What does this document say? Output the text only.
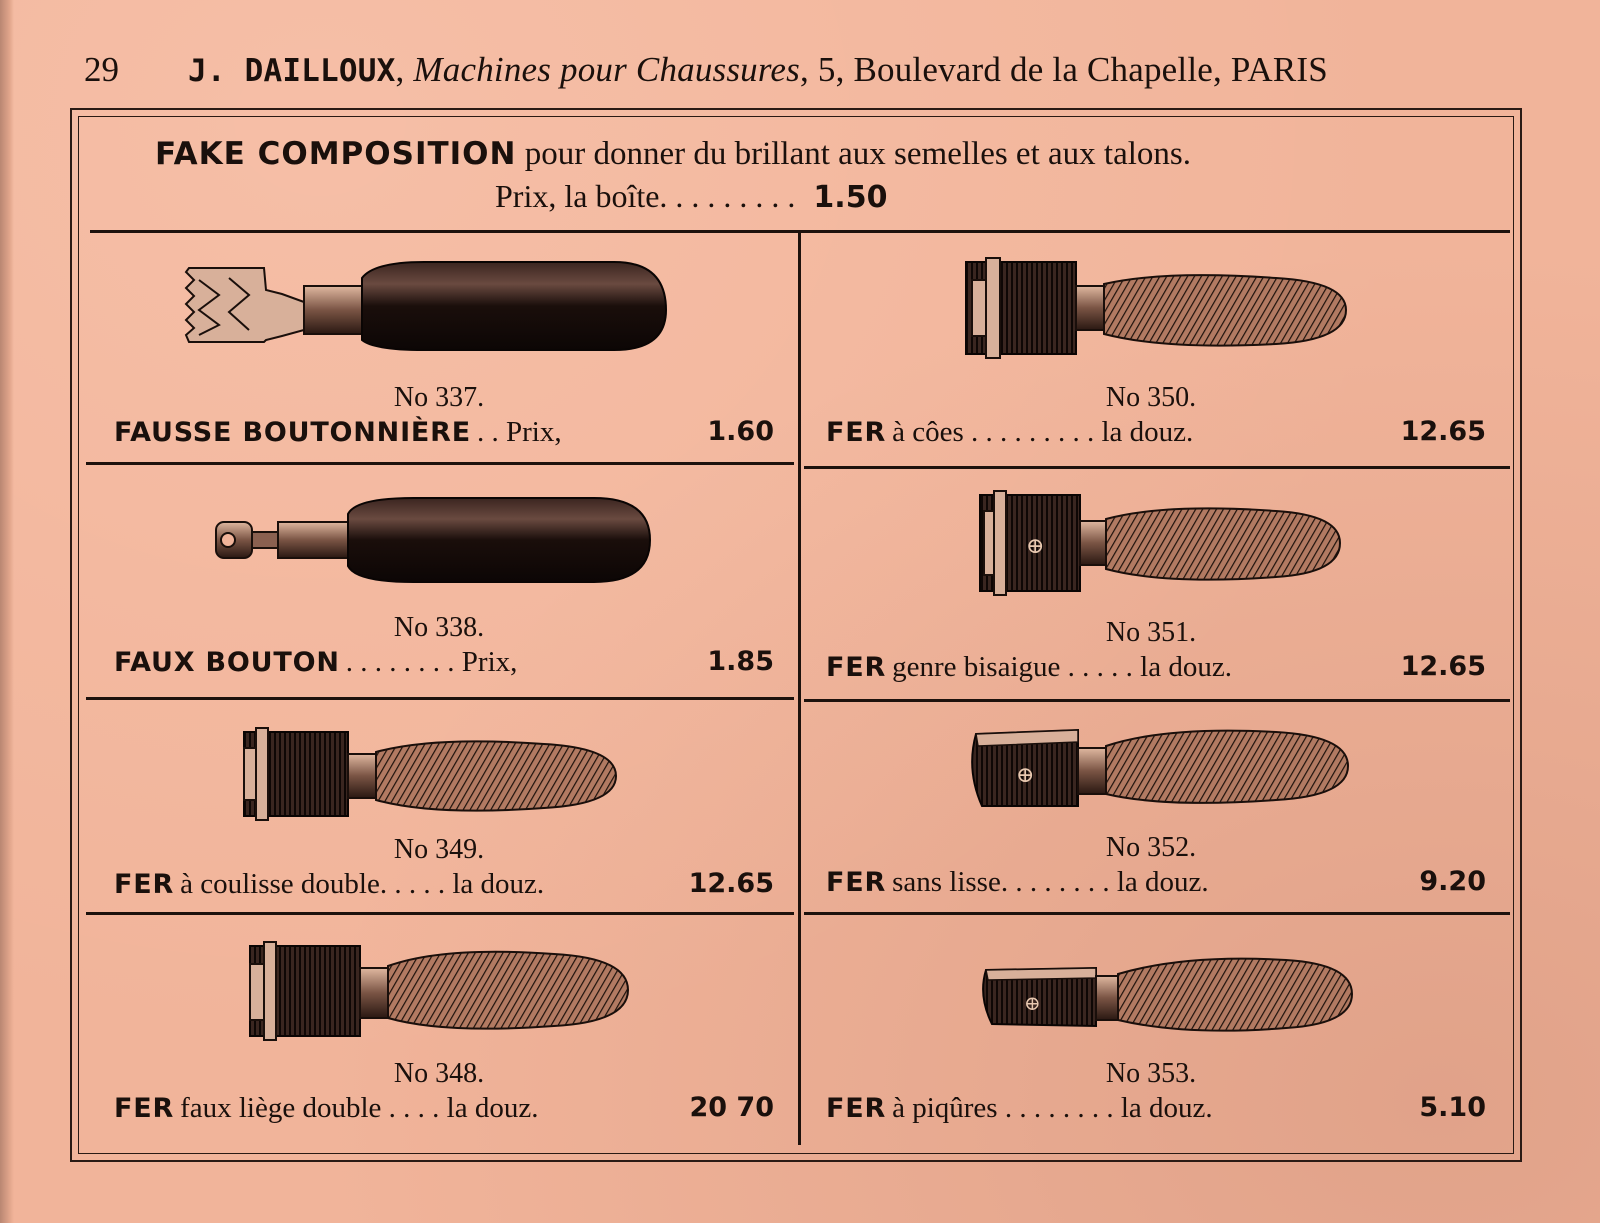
29 J. DAILLOUX, Machines pour Chaussures, 5, Boulevard de la Chapelle, PARIS
FAKE COMPOSITION pour donner du brillant aux semelles et aux talons.
Prix, la boîte. . . . . . . . . 1.50
No 337.
FAUSSE BOUTONNIÈRE . . Prix,	1.60
No 350.
FER à côes . . . . . . . . . la douz.	12.65
No 338.
FAUX BOUTON . . . . . . . . Prix,	1.85
⊕
No 351.
FER genre bisaigue . . . . . la douz.	12.65
No 349.
FER à coulisse double. . . . . la douz.	12.65
⊕
No 352.
FER sans lisse. . . . . . . . la douz.	9.20
No 348.
FER faux liège double . . . . la douz.	20 70
⊕
No 353.
FER à piqûres . . . . . . . . la douz.	5.10
